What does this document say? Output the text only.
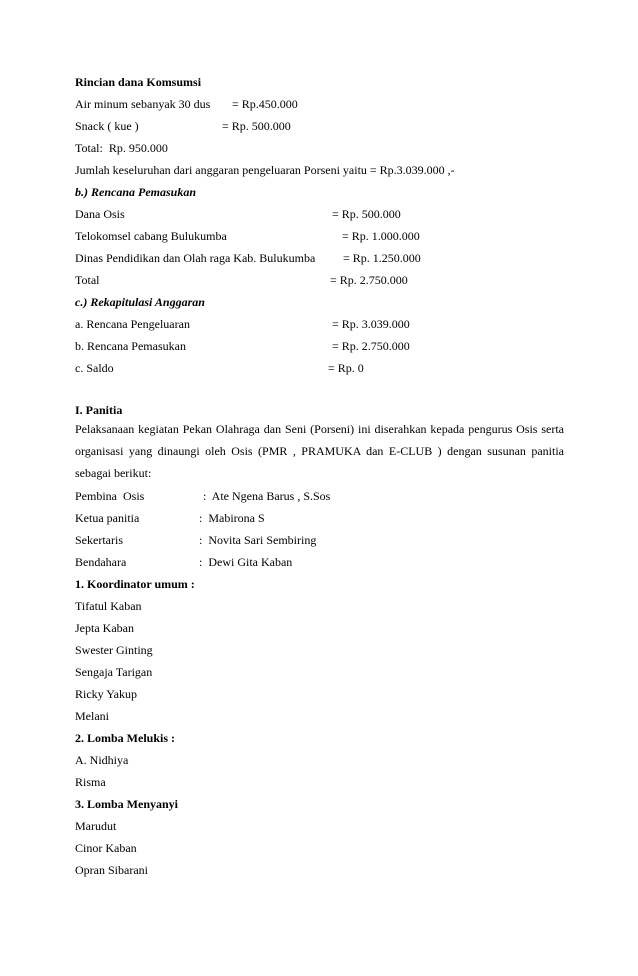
Rincian dana Komsumsi
Air minum sebanyak 30 dus = Rp.450.000
Snack ( kue )	= Rp. 500.000
Total:  Rp. 950.000
Jumlah keseluruhan dari anggaran pengeluaran Porseni yaitu = Rp.3.039.000 ,-
b.) Rencana Pemasukan
Dana Osis	= Rp. 500.000
Telokomsel cabang Bulukumba	= Rp. 1.000.000
Dinas Pendidikan dan Olah raga Kab. Bulukumba = Rp. 1.250.000
Total	= Rp. 2.750.000
c.) Rekapitulasi Anggaran
a. Rencana Pengeluaran	= Rp. 3.039.000
b. Rencana Pemasukan	= Rp. 2.750.000
c. Saldo	= Rp. 0
I. Panitia
Pelaksanaan kegiatan Pekan Olahraga dan Seni (Porseni) ini diserahkan kepada pengurus Osis serta organisasi yang dinaungi oleh Osis (PMR , PRAMUKA dan E-CLUB ) dengan susunan panitia sebagai berikut:
Pembina  Osis	:  Ate Ngena Barus , S.Sos
Ketua panitia	:  Mabirona S
Sekertaris	:  Novita Sari Sembiring
Bendahara	:  Dewi Gita Kaban
1. Koordinator umum :
Tifatul Kaban
Jepta Kaban
Swester Ginting
Sengaja Tarigan
Ricky Yakup
Melani
2. Lomba Melukis :
A. Nidhiya
Risma
3. Lomba Menyanyi
Marudut
Cinor Kaban
Opran Sibarani
